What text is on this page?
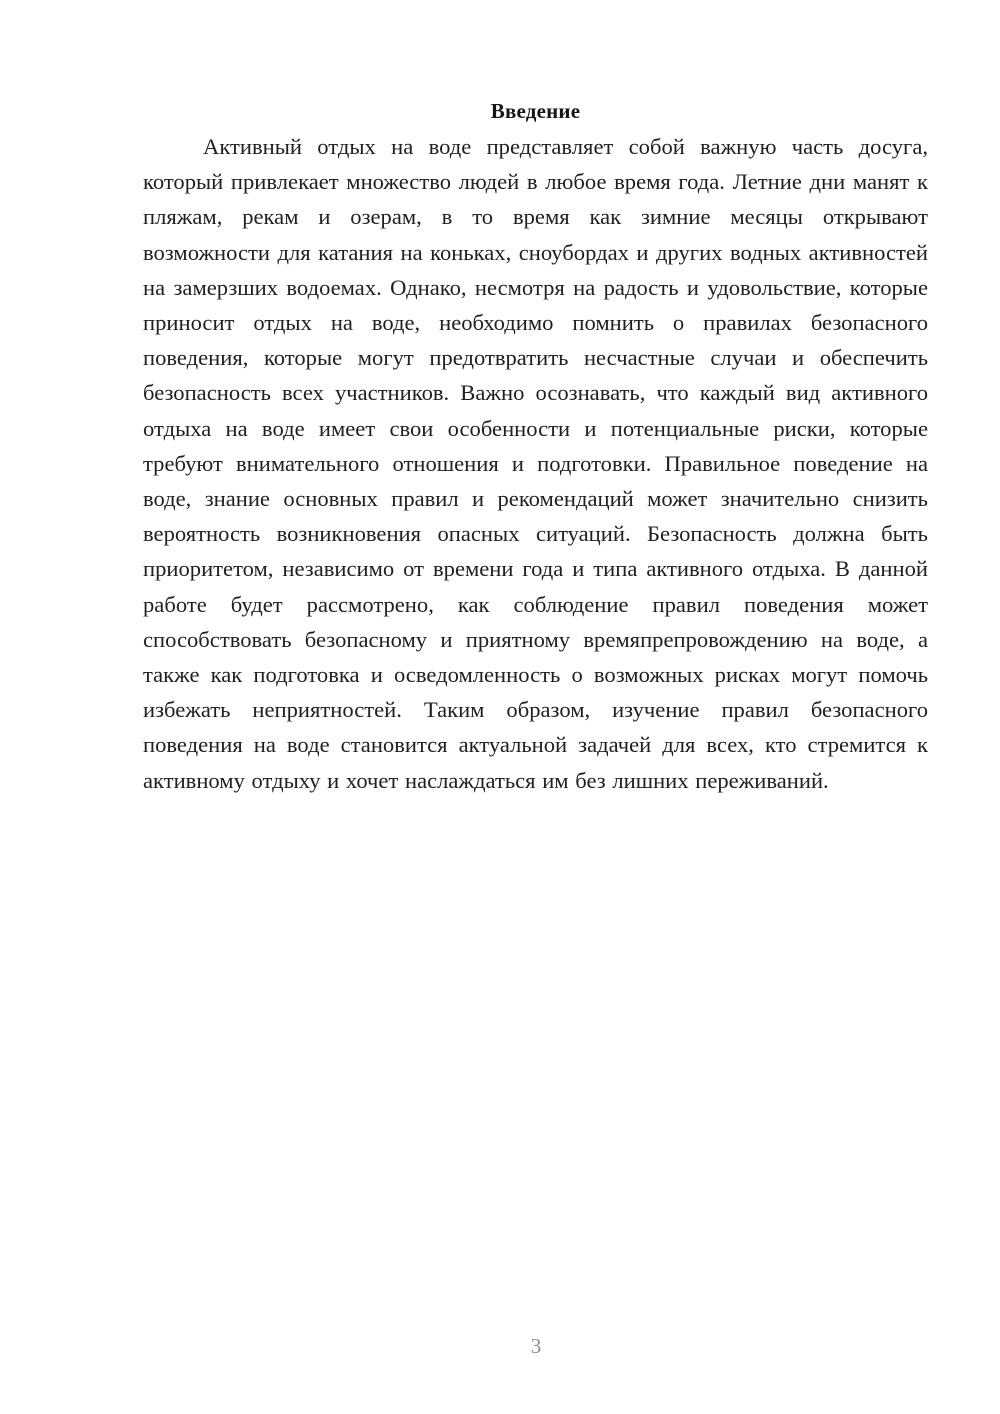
Введение

Активный отдых на воде представляет собой важную часть досуга, который привлекает множество людей в любое время года. Летние дни манят к пляжам, рекам и озерам, в то время как зимние месяцы открывают возможности для катания на коньках, сноубордах и других водных активностей на замерзших водоемах. Однако, несмотря на радость и удовольствие, которые приносит отдых на воде, необходимо помнить о правилах безопасного поведения, которые могут предотвратить несчастные случаи и обеспечить безопасность всех участников. Важно осознавать, что каждый вид активного отдыха на воде имеет свои особенности и потенциальные риски, которые требуют внимательного отношения и подготовки. Правильное поведение на воде, знание основных правил и рекомендаций может значительно снизить вероятность возникновения опасных ситуаций. Безопасность должна быть приоритетом, независимо от времени года и типа активного отдыха. В данной работе будет рассмотрено, как соблюдение правил поведения может способствовать безопасному и приятному времяпрепровождению на воде, а также как подготовка и осведомленность о возможных рисках могут помочь избежать неприятностей. Таким образом, изучение правил безопасного поведения на воде становится актуальной задачей для всех, кто стремится к активному отдыху и хочет наслаждаться им без лишних переживаний.

3
